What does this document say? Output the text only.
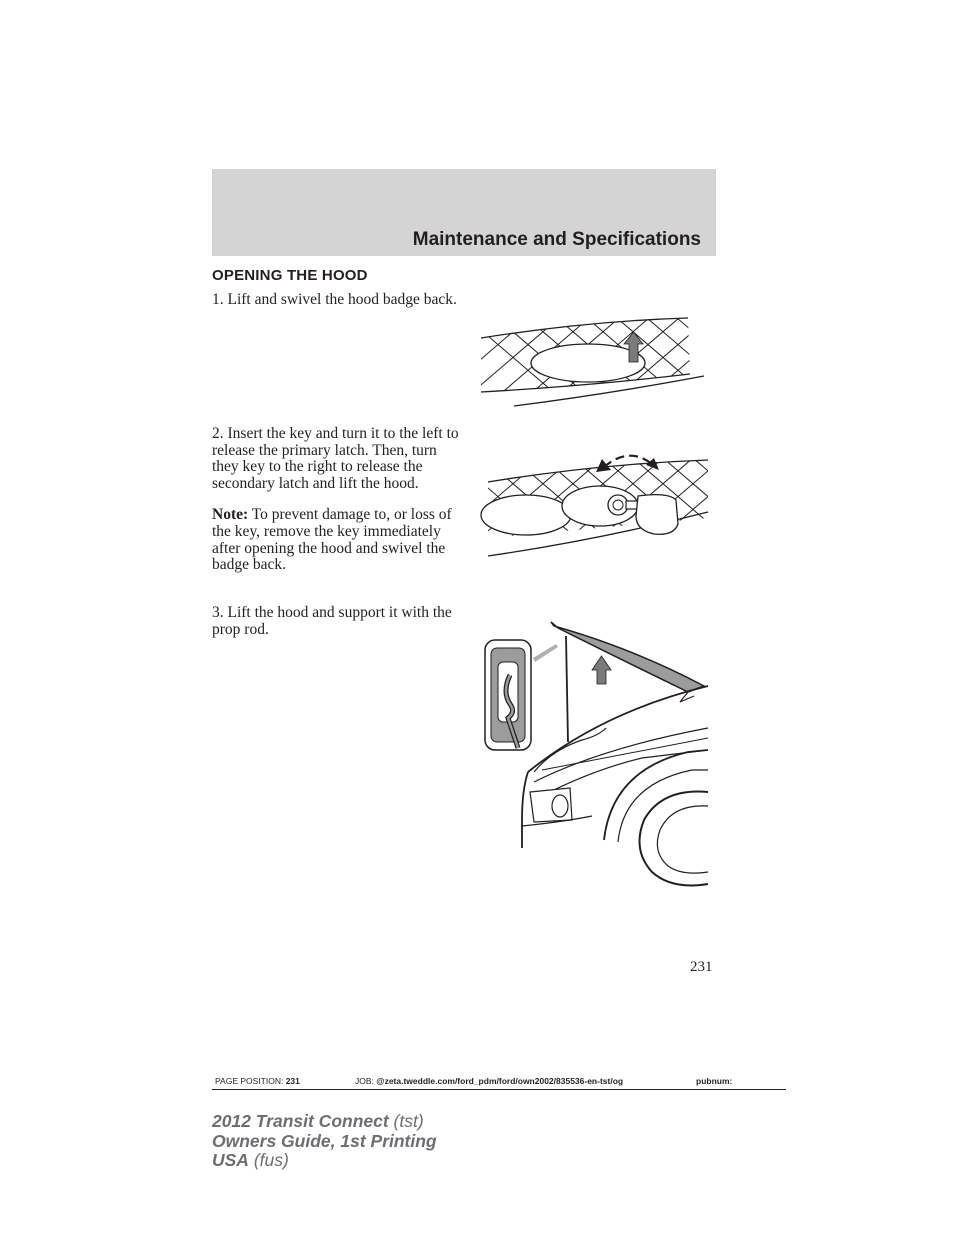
Maintenance and Specifications
OPENING THE HOOD

1. Lift and swivel the hood badge back.

2. Insert the key and turn it to the left to release the primary latch. Then, turn they key to the right to release the secondary latch and lift the hood.

Note: To prevent damage to, or loss of the key, remove the key immediately after opening the hood and swivel the badge back.

3. Lift the hood and support it with the prop rod.

231
PAGE POSITION: 231	JOB: @zeta.tweddle.com/ford_pdm/ford/own2002/835536-en-tst/og	pubnum:
2012 Transit Connect (tst)
Owners Guide, 1st Printing
USA (fus)
